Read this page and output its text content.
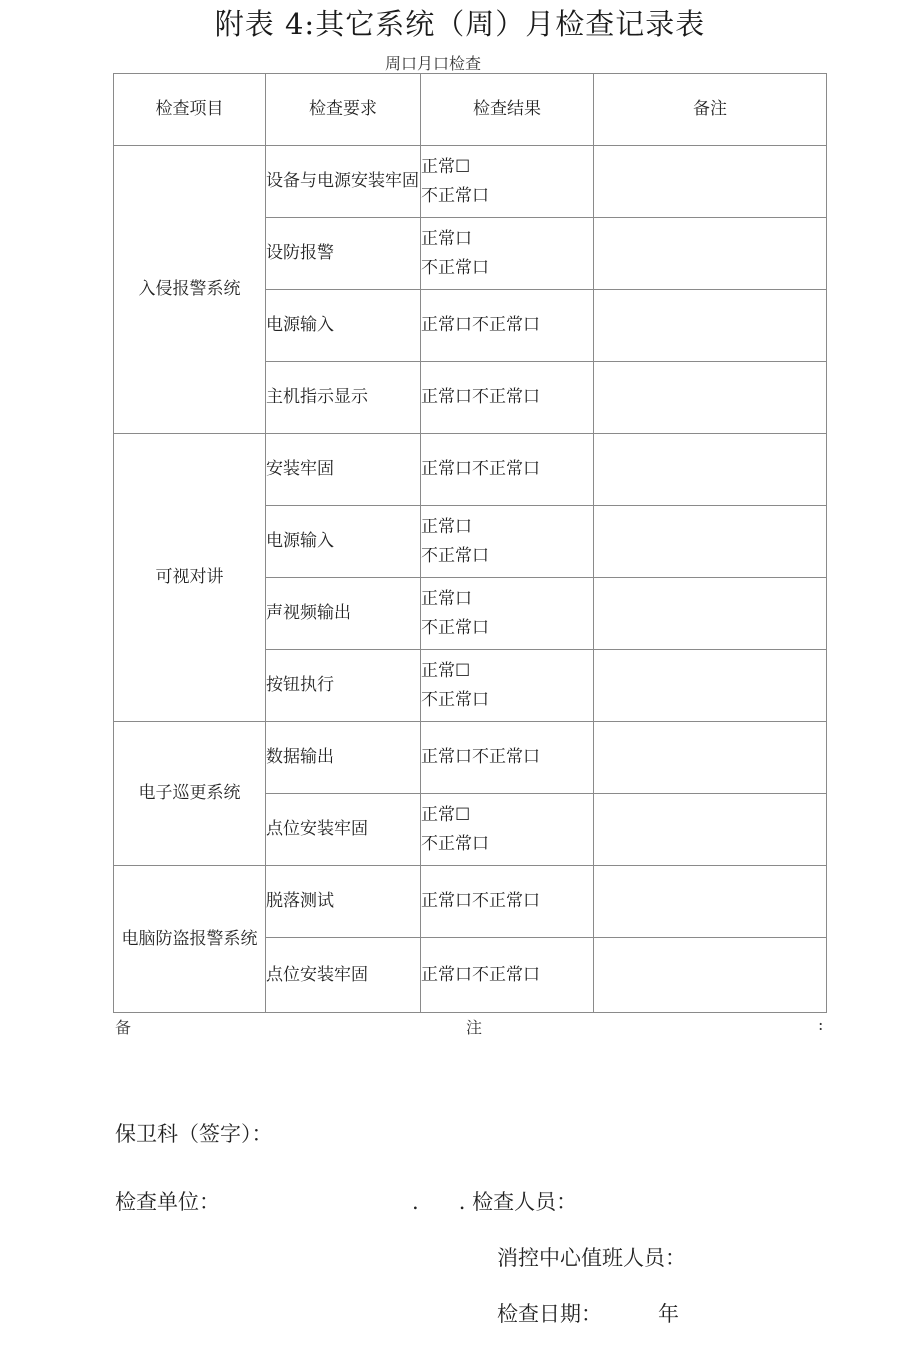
附表 4:其它系统（周）月检查记录表
周口月口检查
检查项目	检查要求	检查结果	备注
入侵报警系统	设备与电源安装牢固	正常☐
不正常口	

	设防报警	正常口
不正常口	

	电源输入	正常口不正常口	

	主机指示显示	正常口不正常口	

可视对讲	安装牢固	正常口不正常口	

	电源输入	正常口
不正常口	

	声视频输出	正常口
不正常口	

	按钮执行	正常☐
不正常口	

电子巡更系统	数据输出	正常口不正常口	

	点位安装牢固	正常☐
不正常口	

电脑防盗报警系统	脱落测试	正常口不正常口	

	点位安装牢固	正常口不正常口	

备	注	:
保卫科（签字）：
检查单位：	.      . 检查人员：
消控中心值班人员：
检查日期：	年
